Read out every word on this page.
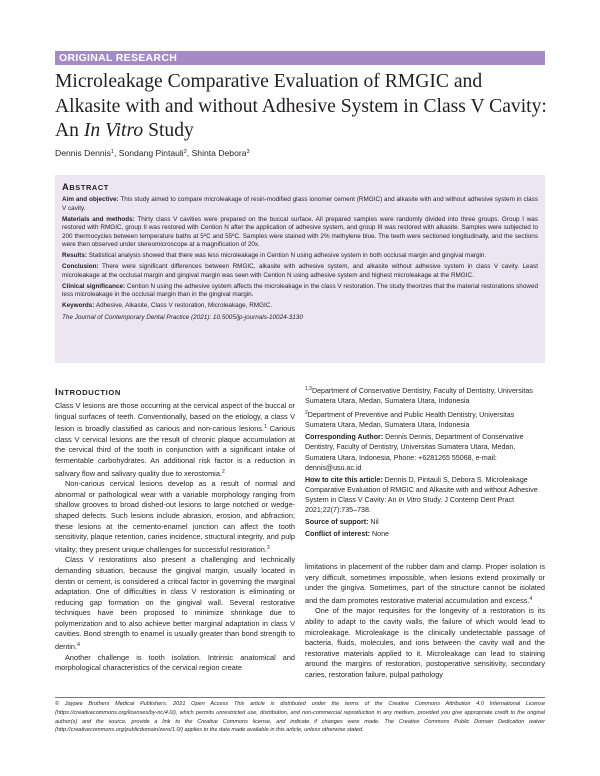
ORIGINAL RESEARCH
Microleakage Comparative Evaluation of RMGIC and
Alkasite with and without Adhesive System in Class V Cavity:
An In Vitro Study
Dennis Dennis$^1$, Sondang Pintauli$^2$, Shinta Debora$^3$
ABSTRACT

Aim and objective: This study aimed to compare microleakage of resin-modified glass ionomer cement (RMGIC) and alkasite with and without adhesive system in class V cavity.

Materials and methods: Thirty class V cavities were prepared on the buccal surface. All prepared samples were randomly divided into three groups. Group I was restored with RMGIC, group II was restored with Cention N after the application of adhesive system, and group III was restored with alkasite. Samples were subjected to 200 thermocycles between temperature baths at 5ºC and 55ºC. Samples were stained with 2% methylene blue. The teeth were sectioned longitudinally, and the sections were then observed under stereomicroscope at a magnification of 20x.

Results: Statistical analysis showed that there was less microleakage in Cention N using adhesive system in both occlusal margin and gingival margin.

Conclusion: There were significant differences between RMGIC, alkasite with adhesive system, and alkasite without adhesive system in class V cavity. Least microleakage at the occlusal margin and gingival margin was seen with Cention N using adhesive system and highest microleakage at the RMGIC.

Clinical significance: Cention N using the adhesive system affects the microleakage in the class V restoration. The study theorizes that the material restorations showed less microleakage in the occlusal margin than in the gingival margin.

Keywords: Adhesive, Alkasite, Class V restoration, Microleakage, RMGIC.

The Journal of Contemporary Dental Practice (2021): 10.5005/jp-journals-10024-3130

INTRODUCTION

Class V lesions are those occurring at the cervical aspect of the buccal or lingual surfaces of teeth. Conventionally, based on the etiology, a class V lesion is broadly classified as carious and non-carious lesions.$^1$ Carious class V cervical lesions are the result of chronic plaque accumulation at the cervical third of the tooth in conjunction with a significant intake of fermentable carbohydrates. An additional risk factor is a reduction in salivary flow and salivary quality due to xerostomia.$^2$

Non-carious cervical lesions develop as a result of normal and abnormal or pathological wear with a variable morphology ranging from shallow grooves to broad dished-out lesions to large notched or wedge-shaped defects. Such lesions include abrasion, erosion, and abfraction; these lesions at the cemento-enamel junction can affect the tooth sensitivity, plaque retention, caries incidence, structural integrity, and pulp vitality; they present unique challenges for successful restoration.$^3$

Class V restorations also present a challenging and technically demanding situation, because the gingival margin, usually located in dentin or cement, is considered a critical factor in governing the marginal adaptation. One of difficulties in class V restoration is eliminating or reducing gap formation on the gingival wall. Several restorative techniques have been proposed to minimize shrinkage due to polymerization and to also achieve better marginal adaptation in class V cavities. Bond strength to enamel is usually greater than bond strength to dentin.$^4$

Another challenge is tooth isolation. Intrinsic anatomical and morphological characteristics of the cervical region create

$^{1,3}$Department of Conservative Dentistry, Faculty of Dentistry, Universitas Sumatera Utara, Medan, Sumatera Utara, Indonesia

$^2$Department of Preventive and Public Health Dentistry, Universitas Sumatera Utara, Medan, Sumatera Utara, Indonesia

Corresponding Author: Dennis Dennis, Department of Conservative Dentistry, Faculty of Dentistry, Universitas Sumatera Utara, Medan, Sumatera Utara, Indonesia, Phone: +6281265 55068, e-mail: dennis@usu.ac.id

How to cite this article: Dennis D, Pintauli S, Debora S. Microleakage Comparative Evaluation of RMGIC and Alkasite with and without Adhesive System in Class V Cavity: An In Vitro Study. J Contemp Dent Pract 2021;22(7):735–738.

Source of support: Nil

Conflict of interest: None

limitations in placement of the rubber dam and clamp. Proper isolation is very difficult, sometimes impossible, when lesions extend proximally or under the gingiva. Sometimes, part of the structure cannot be isolated and the dam promotes restorative material accumulation and excess.$^4$

One of the major requisites for the longevity of a restoration is its ability to adapt to the cavity walls, the failure of which would lead to microleakage. Microleakage is the clinically undetectable passage of bacteria, fluids, molecules, and ions between the cavity wall and the restorative materials applied to it. Microleakage can lead to staining around the margins of restoration, postoperative sensitivity, secondary caries, restoration failure, pulpal pathology

© Jaypee Brothers Medical Publishers. 2021 Open Access This article is distributed under the terms of the Creative Commons Attribution 4.0 International License (https://creativecommons.org/licenses/by-nc/4.0/), which permits unrestricted use, distribution, and non-commercial reproduction in any medium, provided you give appropriate credit to the original author(s) and the source, provide a link to the Creative Commons license, and indicate if changes were made. The Creative Commons Public Domain Dedication waiver (http://creativecommons.org/publicdomain/zero/1.0/) applies to the data made available in this article, unless otherwise stated.
